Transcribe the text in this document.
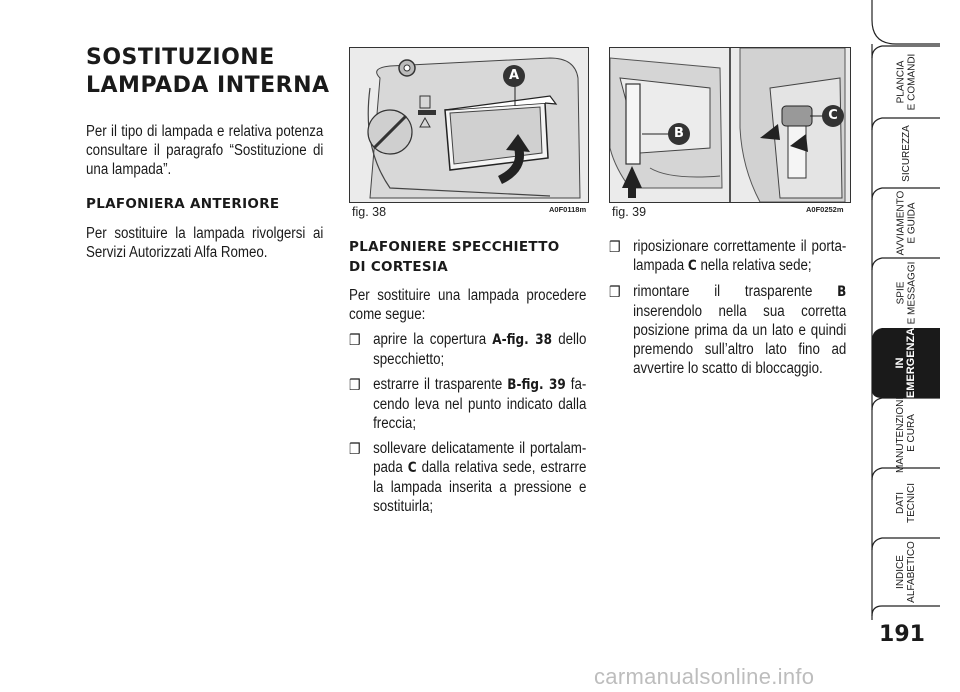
SOSTITUZIONE
LAMPADA INTERNA
Per il tipo di lampada e relativa potenza consultare il paragrafo “Sostituzione di una lampada”.
PLAFONIERA ANTERIORE
Per sostituire la lampada rivolgersi ai Servizi Autorizzati Alfa Romeo.
A
fig. 38	A0F0118m
B
C
fig. 39	A0F0252m
PLAFONIERE SPECCHIETTO
DI CORTESIA
Per sostituire una lampada procedere come segue:
❒ aprire la copertura A-fig. 38 dello specchietto;
❒ estrarre il trasparente B-fig. 39 facendo leva nel punto indicato dalla freccia;
❒ sollevare delicatamente il portalampada C dalla relativa sede, estrarre la lampada inserita a pressione e sostituirla;
❒ riposizionare correttamente il portalampada C nella relativa sede;
❒ rimontare il trasparente B inserendolo nella sua corretta posizione prima da un lato e quindi premendo sull’altro lato fino ad avvertire lo scatto di bloccaggio.
PLANCIA E COMANDI
SICUREZZA
AVVIAMENTO E GUIDA
SPIE E MESSAGGI
IN EMERGENZA
MANUTENZIONE E CURA
DATI TECNICI
INDICE ALFABETICO
191
carmanualsonline.info
